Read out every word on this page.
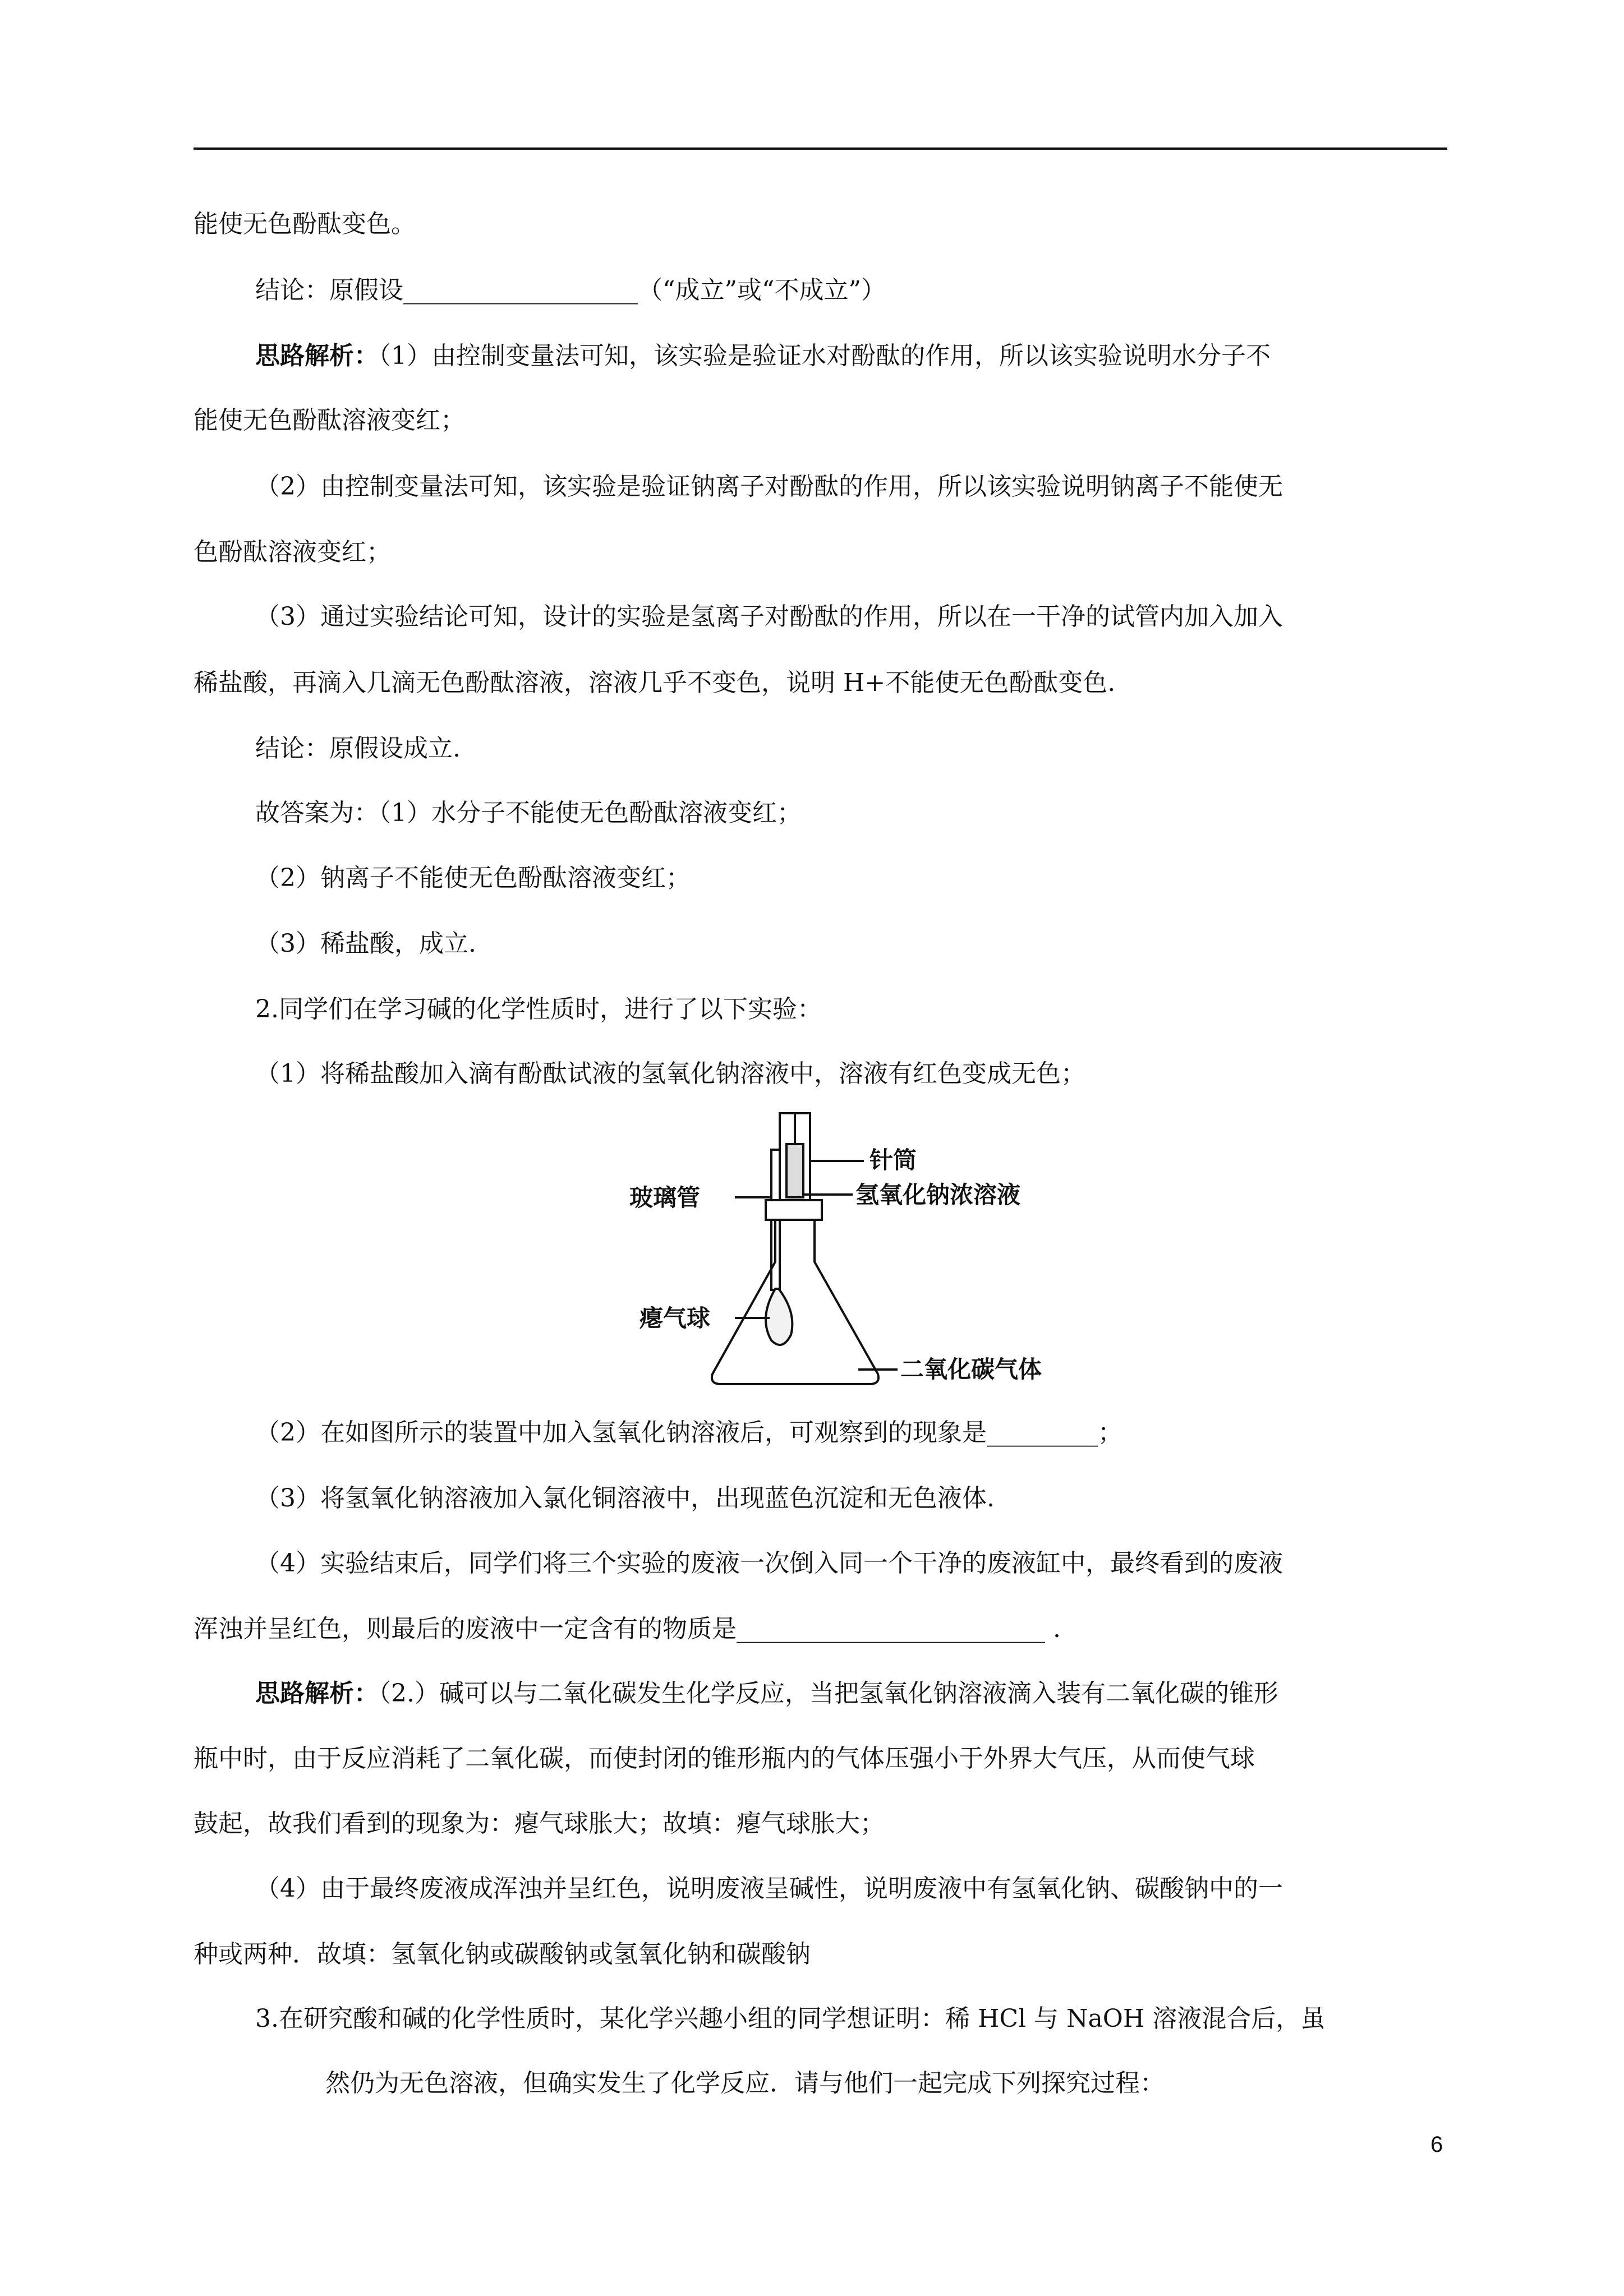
能使无色酚酞变色。
结论：原假设___________________（“成立”或“不成立”）
思路解析：（1）由控制变量法可知，该实验是验证水对酚酞的作用，所以该实验说明水分子不
能使无色酚酞溶液变红；
（2）由控制变量法可知，该实验是验证钠离子对酚酞的作用，所以该实验说明钠离子不能使无
色酚酞溶液变红；
（3）通过实验结论可知，设计的实验是氢离子对酚酞的作用，所以在一干净的试管内加入加入
稀盐酸，再滴入几滴无色酚酞溶液，溶液几乎不变色，说明 H+不能使无色酚酞变色.
结论：原假设成立.
故答案为：（1）水分子不能使无色酚酞溶液变红；
（2）钠离子不能使无色酚酞溶液变红；
（3）稀盐酸，成立.
2.同学们在学习碱的化学性质时，进行了以下实验：
（1）将稀盐酸加入滴有酚酞试液的氢氧化钠溶液中，溶液有红色变成无色；
针筒
氢氧化钠浓溶液
玻璃管
瘪气球
二氧化碳气体
（2）在如图所示的装置中加入氢氧化钠溶液后，可观察到的现象是_________；
（3）将氢氧化钠溶液加入氯化铜溶液中，出现蓝色沉淀和无色液体.
（4）实验结束后，同学们将三个实验的废液一次倒入同一个干净的废液缸中，最终看到的废液
浑浊并呈红色，则最后的废液中一定含有的物质是_________________________ .
思路解析：（2.）碱可以与二氧化碳发生化学反应，当把氢氧化钠溶液滴入装有二氧化碳的锥形
瓶中时，由于反应消耗了二氧化碳，而使封闭的锥形瓶内的气体压强小于外界大气压，从而使气球
鼓起，故我们看到的现象为：瘪气球胀大；故填：瘪气球胀大；
（4）由于最终废液成浑浊并呈红色，说明废液呈碱性，说明废液中有氢氧化钠、碳酸钠中的一
种或两种．故填：氢氧化钠或碳酸钠或氢氧化钠和碳酸钠
3.在研究酸和碱的化学性质时，某化学兴趣小组的同学想证明：稀 HCl 与 NaOH 溶液混合后，虽
然仍为无色溶液，但确实发生了化学反应．请与他们一起完成下列探究过程：
6
